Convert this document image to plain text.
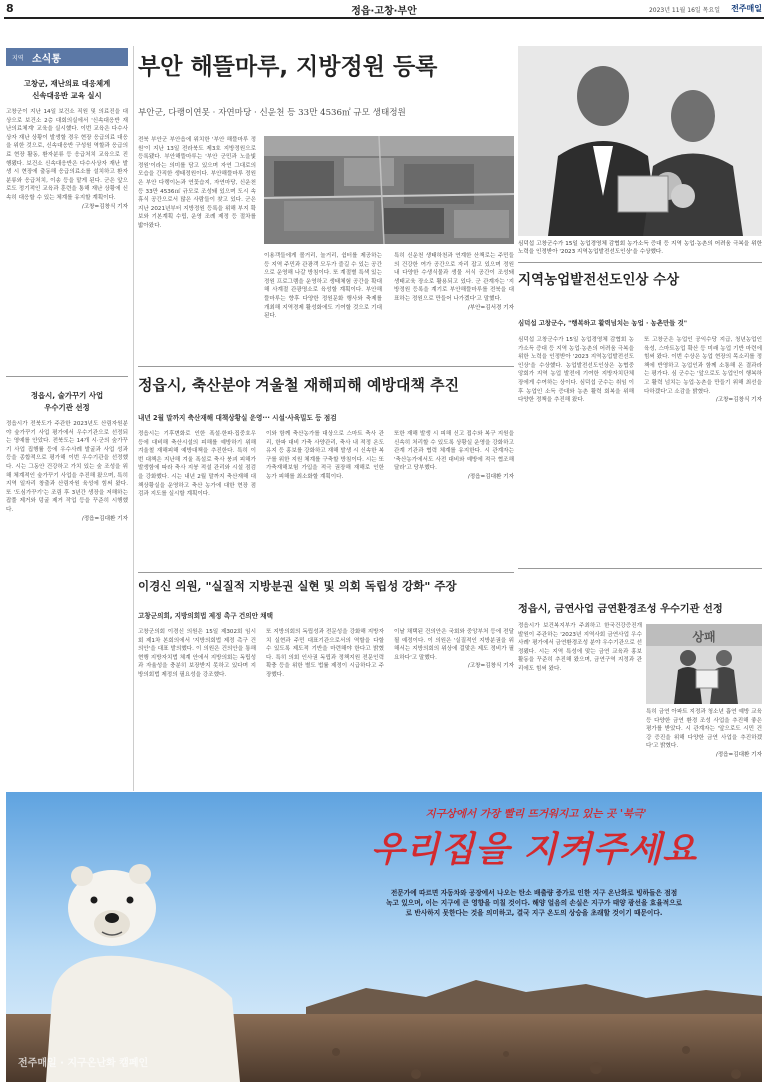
8	정읍·고창·부안	2023년 11월 16일 목요일 전주매일
지역 소식통
고창군, 재난의료 대응체계
신속대응반 교육 실시
고창군이 지난 14일 보건소 직원 및 의료진을 대상으로 보건소 2층 대회의실에서 '신속대응반 재난의료체계' 교육을 실시했다. 이번 교육은 다수사상자 재난 상황이 발생할 경우 현장 응급의료 대응을 위한 것으로, 신속대응반 구성원 역할과 응급의료 현장 활동, 환자분류 등 응급처치 교육으로 진행됐다. 보건소 신속대응반은 다수사상자 재난 발생 시 현장에 출동해 응급의료소를 설치하고 환자분류와 응급처치, 이송 등을 맡게 된다. 군은 앞으로도 정기적인 교육과 훈련을 통해 재난 상황에 신속히 대응할 수 있는 체계를 유지할 계획이다.
/고창=김창식 기자
정읍시, 술가꾸기 사업
우수기관 선정
정읍시가 전북도가 주관한 2023년도 산림자원분야 숲가꾸기 사업 평가에서 우수기관으로 선정되는 영예를 안았다. 전북도는 14개 시·군의 숲가꾸기 사업 집행률 등에 우수사례 발굴과 사업 성과 등을 종합적으로 평가해 이번 우수기관을 선정했다. 시는 그동안 건강하고 가치 있는 숲 조성을 위해 체계적인 숲가꾸기 사업을 추진해 왔으며, 특히 지역 일자리 창출과 산림자원 육성에 힘써 왔다. 또 '도심가꾸기'는 조림 후 3년간 생장을 저해하는 잡풀 제거와 덩굴 제거 작업 등을 꾸준히 시행했다.
/정읍=김대환 기자
부안 해뜰마루, 지방정원 등록
부안군, 다랭이연못 · 자연마당 · 신운천 등 33만 4536㎡ 규모 생태정원
전북 부안군 부안읍에 위치한 '부안 해뜰마루 정원'이 지난 13일 전라북도 제3호 지방정원으로 등록됐다. 부안해뜰마루는 '부안 군민과 노을빛 정원'이라는 의미를 담고 있으며 자연 그대로의 모습을 간직한 생태정원이다. 부안해뜰마루 정원은 부안 다랭이논과 연꽃습지, 자연마당, 신운천 등 33만 4536㎡ 규모로 조성돼 있으며 도시 속 휴식 공간으로서 많은 사람들이 찾고 있다. 군은 지난 2021년부터 지방정원 등록을 위해 부지 확보와 기본계획 수립, 운영 조례 제정 등 절차를 밟아왔다.
이용객들에게 볼거리, 놀거리, 쉼터를 제공하는 등 지역 주민과 관광객 모두가 즐길 수 있는 공간으로 운영해 나갈 방침이다. 또 계절별 특색 있는 정원 프로그램을 운영하고 생태체험 공간을 확대해 사계절 관광명소로 육성할 계획이다. 부안해뜰마루는 향후 다양한 정원문화 행사와 축제를 개최해 지역경제 활성화에도 기여할 것으로 기대된다.
특히 신운천 생태하천과 연계한 산책로는 주민들의 건강한 여가 공간으로 자리 잡고 있으며 정원 내 다양한 수생식물과 생물 서식 공간이 조성돼 생태교육 장소로 활용되고 있다. 군 관계자는 '지방정원 등록을 계기로 부안해뜰마루를 전북을 대표하는 정원으로 만들어 나가겠다'고 말했다.
/부안=김서경 기자
심덕섭 고창군수가 15일 농업경영체 감협회 농가소득 증대 등 지역 농업·농촌의 어려움 극복을 위한 노력을 인정받아 '2023 지역농업발전선도인상'을 수상했다.
지역농업발전선도인상 수상
심덕섭 고창군수, "행복하고 활력넘치는 농업 · 농촌만들 것"
심덕섭 고창군수가 15일 농업경영체 감협회 농가소득 증대 등 지역 농업·농촌의 어려움 극복을 위한 노력을 인정받아 '2023 지역농업발전선도인상'을 수상했다. 농업발전선도인상은 농협중앙회가 지역 농업 발전에 기여한 지방자치단체장에게 수여하는 상이다. 심덕섭 군수는 취임 이후 농업인 소득 증대와 농촌 활력 회복을 위해 다양한 정책을 추진해 왔다.
또 고창군은 농업인 공익수당 지급, 청년농업인 육성, 스마트농업 확산 등 미래 농업 기반 마련에 힘써 왔다. 이번 수상은 농업 현장의 목소리를 정책에 반영하고 농업인과 함께 소통해 온 결과라는 평가다. 심 군수는 '앞으로도 농업인이 행복하고 활력 넘치는 농업·농촌을 만들기 위해 최선을 다하겠다'고 소감을 밝혔다.
/고창=김창식 기자
정읍시, 축산분야 겨울철 재해피해 예방대책 추진
내년 2월 말까지 축산재해 대책상황실 운영··· 시설·사육밀도 등 점검
정읍시는 기후변화로 인한 폭설·한파·집중호우 등에 대비해 축산시설의 피해를 예방하기 위해 겨울철 재해피해 예방대책을 추진한다. 특히 이번 대책은 지난해 겨울 폭설로 축사 붕괴 피해가 발생함에 따라 축사 지붕 적설 관리와 시설 점검을 강화했다. 시는 내년 2월 말까지 축산재해 대책상황실을 운영하고 축산 농가에 대한 현장 점검과 지도를 실시할 계획이다.
이와 함께 축산농가를 대상으로 스마트 축사 관리, 한파 대비 가축 사양관리, 축사 내 적정 온도 유지 등 홍보를 강화하고 재해 발생 시 신속한 복구를 위한 지원 체계를 구축할 방침이다. 시는 또 가축재해보험 가입을 적극 권장해 재해로 인한 농가 피해를 최소화할 계획이다.
또한 재해 발생 시 피해 신고 접수와 복구 지원을 신속히 처리할 수 있도록 상황실 운영을 강화하고 관계 기관과 협력 체계를 유지한다. 시 관계자는 '축산농가에서도 사전 대비와 예방에 적극 협조해 달라'고 당부했다.
/정읍=김대환 기자
이경신 의원, "실질적 지방분권 실현 및 의회 독립성 강화" 주장
고창군의회, 지방의회법 제정 촉구 건의안 채택
고창군의회 이경신 의원은 15일 제302회 임시회 제1차 본회의에서 '지방의회법 제정 촉구 건의안'을 대표 발의했다. 이 의원은 건의안을 통해 현행 지방자치법 체계 안에서 지방의회는 독립성과 자율성을 충분히 보장받지 못하고 있다며 지방의회법 제정의 필요성을 강조했다.
또 지방의회의 독립성과 전문성을 강화해 지방자치 실현과 주민 대표기관으로서의 역할을 다할 수 있도록 제도적 기반을 마련해야 한다고 밝혔다. 특히 의회 인사권 독립과 정책지원 전문인력 확충 등을 위한 별도 법률 제정이 시급하다고 주장했다.
이날 채택된 건의안은 국회와 중앙부처 등에 전달될 예정이다. 이 의원은 '실질적인 지방분권을 위해서는 지방의회의 위상에 걸맞은 제도 정비가 필요하다'고 말했다.
/고창=김창식 기자
정읍시, 금연사업 금연환경조성 우수기관 선정
정읍시가 보건복지부가 주최하고 한국건강증진개발원이 주관하는 '2023년 지역사회 금연사업 우수사례' 평가에서 금연환경조성 분야 우수기관으로 선정됐다. 시는 지역 특성에 맞는 금연 교육과 홍보 활동을 꾸준히 추진해 왔으며, 금연구역 지정과 관리에도 힘써 왔다.
상패
특히 금연 아파트 지정과 청소년 흡연 예방 교육 등 다양한 금연 환경 조성 사업을 추진해 좋은 평가를 받았다. 시 관계자는 '앞으로도 시민 건강 증진을 위해 다양한 금연 사업을 추진하겠다'고 밝혔다.
/정읍=김대환 기자
지구상에서 가장 빨리 뜨거워지고 있는 곳 '북극'
우리집을 지켜주세요
전문가에 따르면 자동차와 공장에서 나오는 탄소 배출량 증가로 인한 지구 온난화로 빙하들은 점점
녹고 있으며, 이는 지구에 큰 영향을 미칠 것이다. 해양 얼음의 손실은 지구가 태양 광선을 효율적으로
로 반사하지 못한다는 것을 의미하고, 결국 지구 온도의 상승을 초래할 것이기 때문이다.
전주매일 · 지구온난화 캠페인
